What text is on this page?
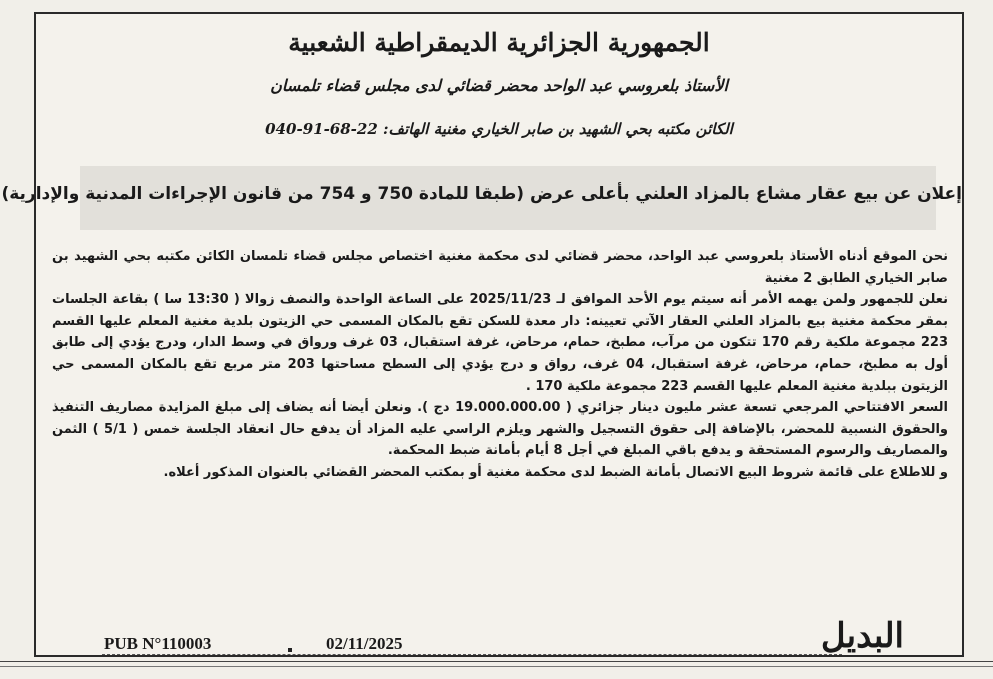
الجمهورية الجزائرية الديمقراطية الشعبية
الأستاذ بلعروسي عبد الواحد محضر قضائي لدى مجلس قضاء تلمسان
الكائن مكتبه بحي الشهيد بن صابر الخياري مغنية الهاتف: 22-68-91-040
إعلان عن بيع عقار مشاع بالمزاد العلني بأعلى عرض (طبقا للمادة 750 و 754 من قانون الإجراءات المدنية والإدارية)

نحن الموقع أدناه الأستاذ بلعروسي عبد الواحد، محضر قضائي لدى محكمة مغنية اختصاص مجلس قضاء تلمسان الكائن مكتبه بحي الشهيد بن صابر الخياري الطابق 2 مغنية

نعلن للجمهور ولمن يهمه الأمر أنه سيتم يوم الأحد الموافق لـ 2025/11/23 على الساعة الواحدة والنصف زوالا ( 13:30 سا ) بقاعة الجلسات بمقر محكمة مغنية بيع بالمزاد العلني العقار الآتي تعيينه: دار معدة للسكن تقع بالمكان المسمى حي الزيتون بلدية مغنية المعلم عليها القسم 223 مجموعة ملكية رقم 170 تتكون من مرآب، مطبخ، حمام، مرحاض، غرفة استقبال، 03 غرف ورواق في وسط الدار، ودرج يؤدي إلى طابق أول به مطبخ، حمام، مرحاض، غرفة استقبال، 04 غرف، رواق و درج يؤدي إلى السطح مساحتها 203 متر مربع تقع بالمكان المسمى حي الزيتون ببلدية مغنية المعلم عليها القسم 223 مجموعة ملكية 170 .

السعر الافتتاحي المرجعي تسعة عشر مليون دينار جزائري ( 19.000.000.00 دج ). ونعلن أيضا أنه يضاف إلى مبلغ المزايدة مصاريف التنفيذ والحقوق النسبية للمحضر، بالإضافة إلى حقوق التسجيل والشهر ويلزم الراسي عليه المزاد أن يدفع حال انعقاد الجلسة خمس ( 5/1 ) الثمن والمصاريف والرسوم المستحقة و يدفع باقي المبلغ في أجل 8 أيام بأمانة ضبط المحكمة.

و للاطلاع على قائمة شروط البيع الاتصال بأمانة الضبط لدى محكمة مغنية أو بمكتب المحضر القضائي بالعنوان المذكور أعلاه.

البديل
PUB N°110003	02/11/2025
